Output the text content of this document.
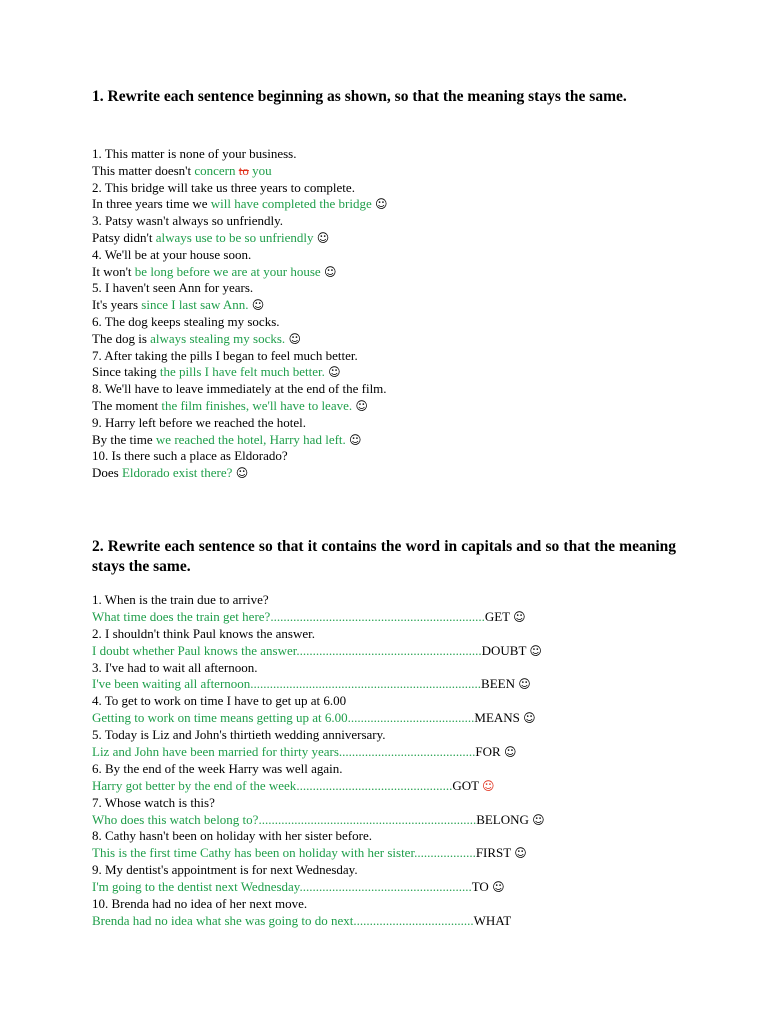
1. Rewrite each sentence beginning as shown, so that the meaning stays the same.

1. This matter is none of your business.
This matter doesn't concern to you
2. This bridge will take us three years to complete.
In three years time we will have completed the bridge ☺
3. Patsy wasn't always so unfriendly.
Patsy didn't always use to be so unfriendly ☺
4. We'll be at your house soon.
It won't be long before we are at your house ☺
5. I haven't seen Ann for years.
It's years since I last saw Ann. ☺
6. The dog keeps stealing my socks.
The dog is always stealing my socks. ☺
7. After taking the pills I began to feel much better.
Since taking the pills I have felt much better. ☺
8. We'll have to leave immediately at the end of the film.
The moment the film finishes, we'll have to leave. ☺
9. Harry left before we reached the hotel.
By the time we reached the hotel, Harry had left. ☺
10. Is there such a place as Eldorado?
Does Eldorado exist there? ☺

2. Rewrite each sentence so that it contains the word in capitals and so that the meaning stays the same.

1. When is the train due to arrive?
What time does the train get here?..................................................................GET ☺
2. I shouldn't think Paul knows the answer.
I doubt whether Paul knows the answer.........................................................DOUBT ☺
3. I've had to wait all afternoon.
I've been waiting all afternoon.......................................................................BEEN ☺
4. To get to work on time I have to get up at 6.00
Getting to work on time means getting up at 6.00.......................................MEANS ☺
5. Today is Liz and John's thirtieth wedding anniversary.
Liz and John have been married for thirty years..........................................FOR ☺
6. By the end of the week Harry was well again.
Harry got better by the end of the week................................................GOT ☺
7. Whose watch is this?
Who does this watch belong to?...................................................................BELONG ☺
8. Cathy hasn't been on holiday with her sister before.
This is the first time Cathy has been on holiday with her sister...................FIRST ☺
9. My dentist's appointment is for next Wednesday.
I'm going to the dentist next Wednesday.....................................................TO ☺
10. Brenda had no idea of her next move.
Brenda had no idea what she was going to do next.....................................WHAT
